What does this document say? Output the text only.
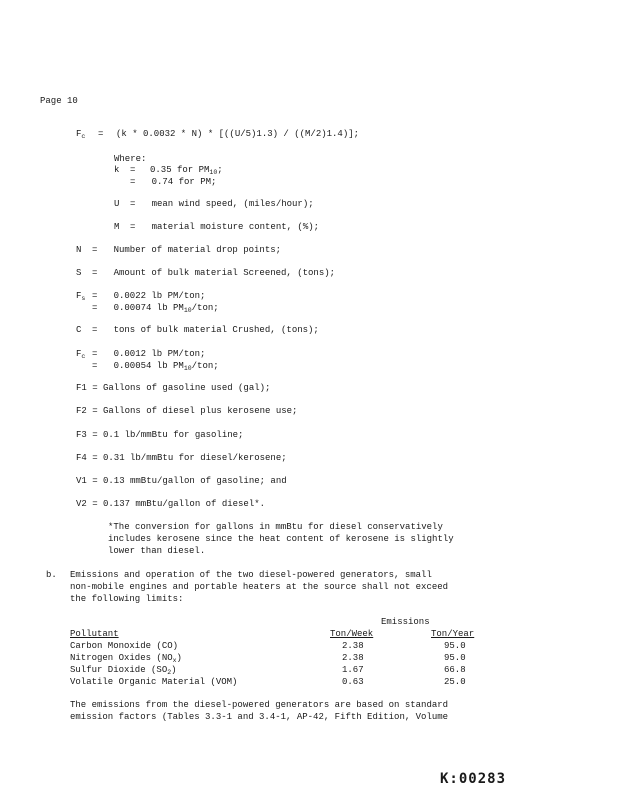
Page 10
$F_c = (k * 0.0032 * N) * [((U/5)1.3) / ((M/2)1.4)]$;
Where:
k = 0.35 for $PM_{10}$;
=   0.74 for PM;
U =   mean wind speed, (miles/hour);
M =   material moisture content, (%);
N =   Number of material drop points;
S =   Amount of bulk material Screened, (tons);
$F_s = 0.0022$ lb PM/ton;
=   0.00074 lb $PM_{10}$/ton;
C =   tons of bulk material Crushed, (tons);
$F_c = 0.0012$ lb PM/ton;
=   0.00054 lb $PM_{10}$/ton;
F1 = Gallons of gasoline used (gal);
F2 = Gallons of diesel plus kerosene use;
F3 = 0.1 lb/mmBtu for gasoline;
F4 = 0.31 lb/mmBtu for diesel/kerosene;
V1 = 0.13 mmBtu/gallon of gasoline; and
V2 = 0.137 mmBtu/gallon of diesel*.
*The conversion for gallons in mmBtu for diesel conservatively
includes kerosene since the heat content of kerosene is slightly
lower than diesel.
b. Emissions and operation of the two diesel-powered generators, small
non-mobile engines and portable heaters at the source shall not exceed
the following limits:
Emissions
Pollutant	Ton/Week	Ton/Year
Carbon Monoxide (CO)	2.38	95.0
Nitrogen Oxides $(NO_x)$	2.38	95.0
Sulfur Dioxide $(SO_2)$	1.67	66.8
Volatile Organic Material (VOM)	0.63	25.0
The emissions from the diesel-powered generators are based on standard
emission factors (Tables 3.3-1 and 3.4-1, AP-42, Fifth Edition, Volume
K:00283
